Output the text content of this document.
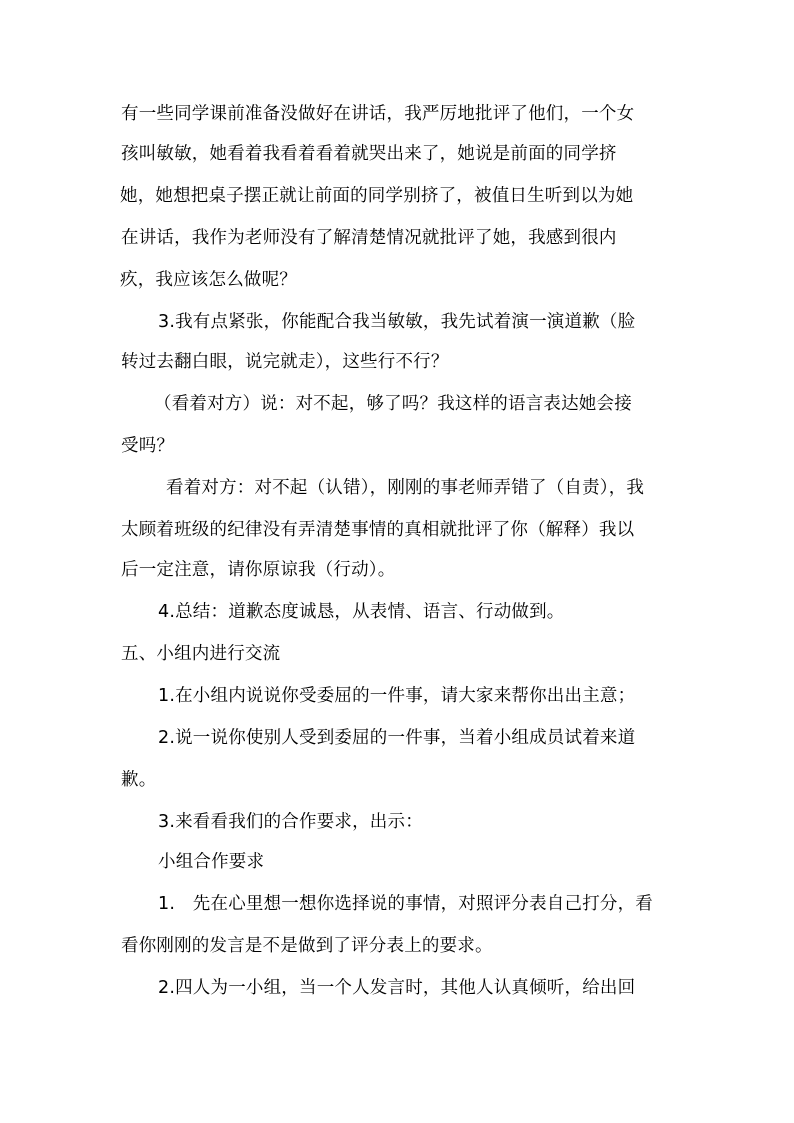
有一些同学课前准备没做好在讲话，我严厉地批评了他们，一个女
孩叫敏敏，她看着我看着看着就哭出来了，她说是前面的同学挤
她，她想把桌子摆正就让前面的同学别挤了，被值日生听到以为她
在讲话，我作为老师没有了解清楚情况就批评了她，我感到很内
疚，我应该怎么做呢？
3.我有点紧张，你能配合我当敏敏，我先试着演一演道歉（脸
转过去翻白眼，说完就走），这些行不行？
（看着对方）说：对不起，够了吗？我这样的语言表达她会接
受吗？
看着对方：对不起（认错），刚刚的事老师弄错了（自责），我
太顾着班级的纪律没有弄清楚事情的真相就批评了你（解释）我以
后一定注意，请你原谅我（行动）。
4.总结：道歉态度诚恳，从表情、语言、行动做到。
五、小组内进行交流
1.在小组内说说你受委屈的一件事，请大家来帮你出出主意；
2.说一说你使别人受到委屈的一件事，当着小组成员试着来道
歉。
3.来看看我们的合作要求，出示：
小组合作要求
1.　先在心里想一想你选择说的事情，对照评分表自己打分，看
看你刚刚的发言是不是做到了评分表上的要求。
2.四人为一小组，当一个人发言时，其他人认真倾听，给出回
